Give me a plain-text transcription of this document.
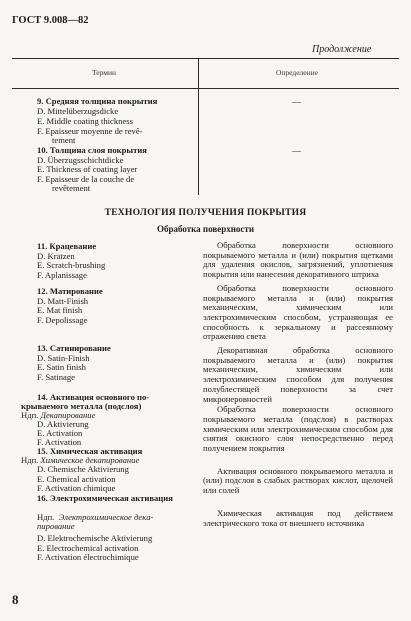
ГОСТ 9.008—82
Продолжение
Термин	Определение
9. Средняя толщина покрытия
D. Mittelüberzugsdicke
E. Middle coating thickness
F. Epaisseur moyenne de revê-
tement
—
10. Толщина слоя покрытия
D. Überzugsschichtdicke
E. Thickness of coating layer
F. Epaisseur de la couche de
revêtement
—
ТЕХНОЛОГИЯ ПОЛУЧЕНИЯ ПОКРЫТИЯ
Обработка поверхности
11. Крацевание
D. Kratzen
E. Scratch-brushing
F. Aplanissage
12. Матирование
D. Matt-Finish
E. Mat finish
F. Depolissage
13. Сатинирование
D. Satin-Finish
E. Satin finish
F. Satinage
14. Активация основного по-
крываемого металла (подслоя)
Ндп. Декапирование
D. Aktivierung
E. Activation
F. Activation
15. Химическая активация
Ндп. Химическое декапирование
D. Chemische Aktivierung
E. Chemical activation
F. Activation chimique
16. Электрохимическая активация
Ндп. Электрохимическое декa-
пирование
D. Elektrochemische Aktivierung
E. Electrochemical activation
F. Activation électrochimique

Обработка поверхности основного покрываемого металла и (или) покрытия щетками для удаления окислов, загрязнений, уплотнения покрытия или нанесения декоративного штриха

Обработка поверхности основного покрываемого металла и (или) покрытия механическим, химическим или электрохимическим способом, устраняющая ее способность к зеркальному и рассеянному отражению света

Декоративная обработка основного покрываемого металла и (или) покрытия механическим, химическим или электрохимическим способом для получения полублестящей поверхности за счет микронеровностей

Обработка поверхности основного покрываемого металла (подслоя) в растворах химическим или электрохимическим способом для снятия окисного слоя непосредственно перед получением покрытия

Активация основного покрываемого металла и (или) подслоя в слабых растворах кислот, щелочей или солей

Химическая активация под действием электрического тока от внешнего источника

8
